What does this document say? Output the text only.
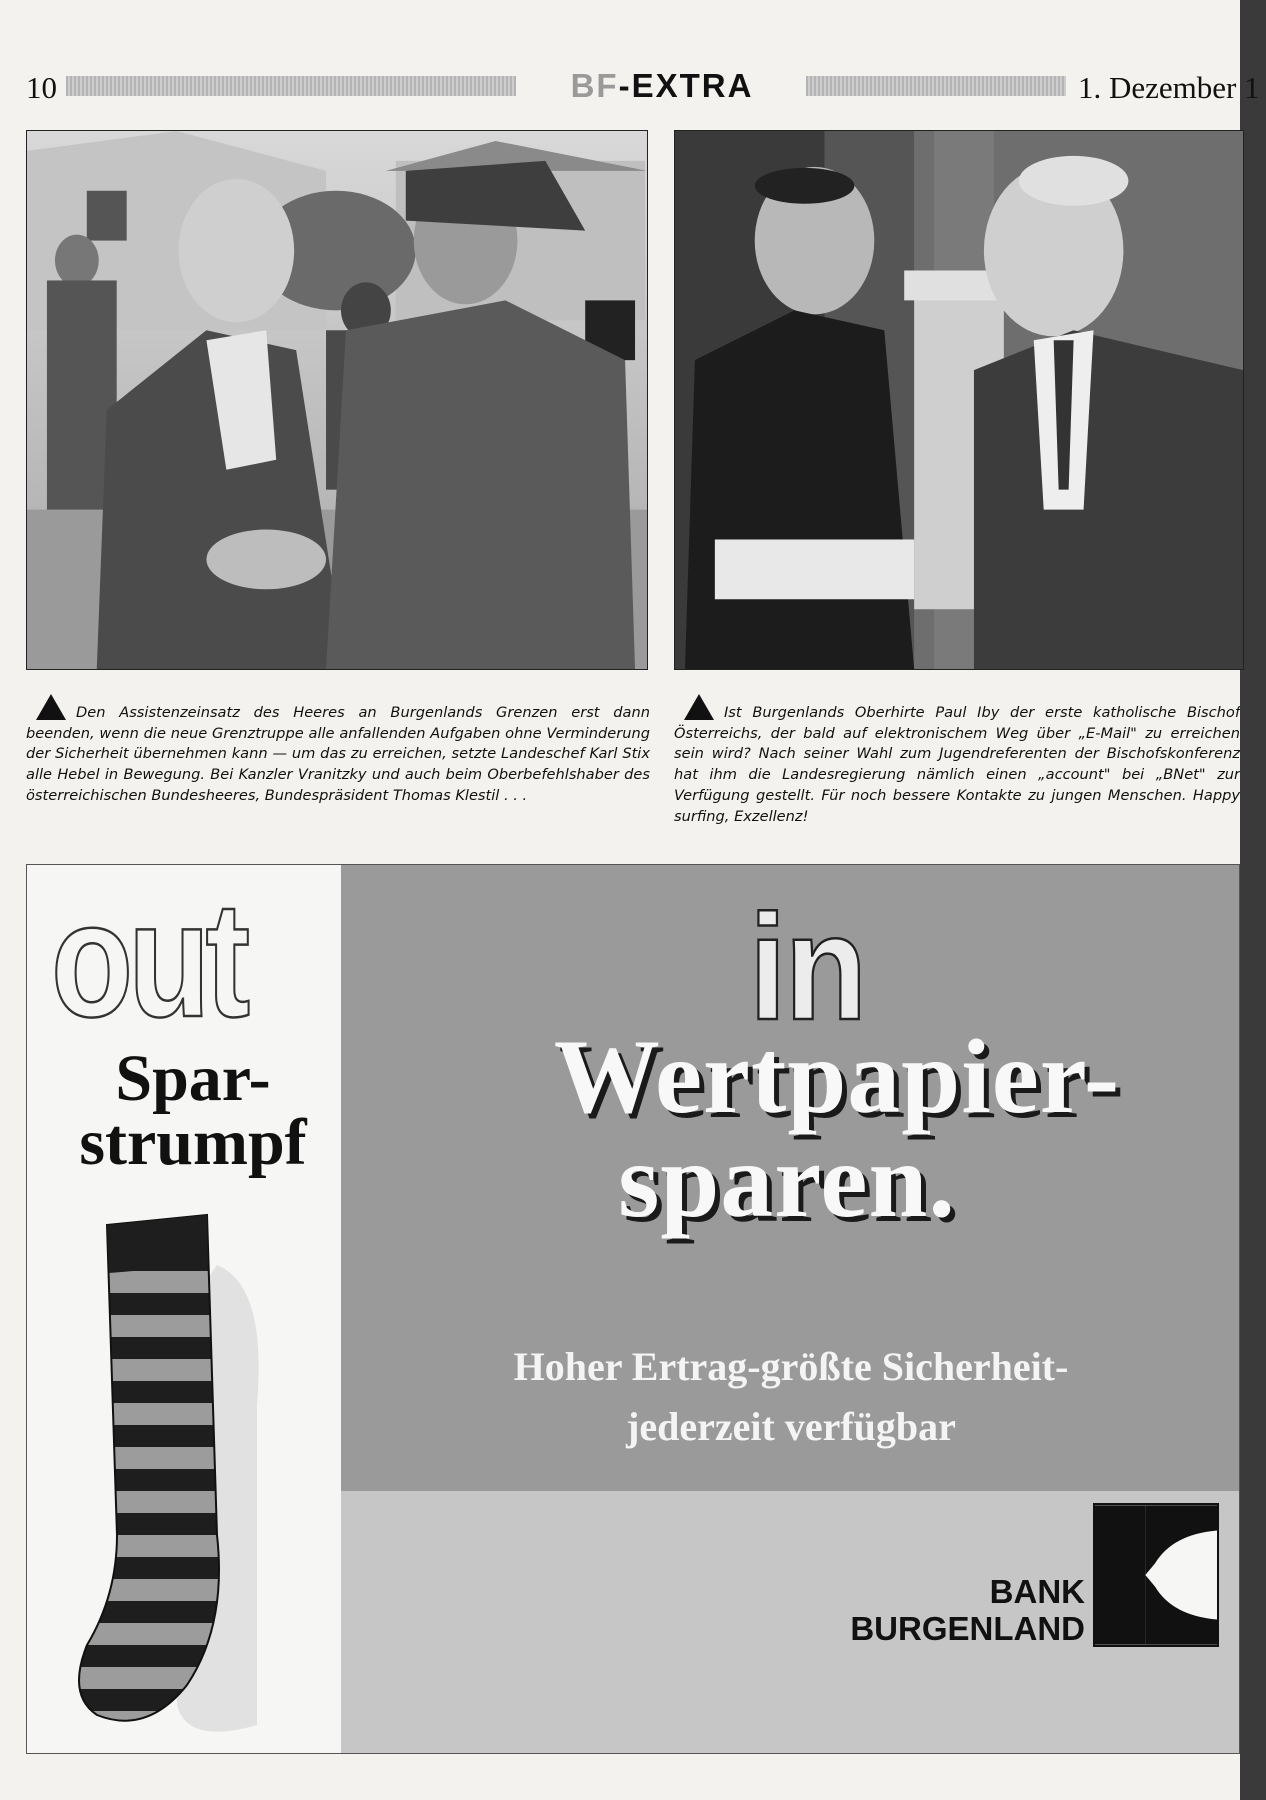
10	BF-EXTRA	1. Dezember 1
Den Assistenzeinsatz des Heeres an Burgenlands Grenzen erst dann beenden, wenn die neue Grenztruppe alle anfallenden Aufgaben ohne Verminderung der Sicherheit übernehmen kann — um das zu erreichen, setzte Landeschef Karl Stix alle Hebel in Bewegung. Bei Kanzler Vranitzky und auch beim Oberbefehlshaber des österreichischen Bundesheeres, Bundespräsident Thomas Klestil . . .
Ist Burgenlands Oberhirte Paul Iby der erste katholische Bischof Österreichs, der bald auf elektronischem Weg über „E-Mail" zu erreichen sein wird? Nach seiner Wahl zum Jugendreferenten der Bischofskonferenz hat ihm die Landesregierung nämlich einen „account" bei „BNet" zur Verfügung gestellt. Für noch bessere Kontakte zu jungen Menschen. Happy surfing, Exzellenz!
out
Spar-
strumpf
in
Wertpapier-
sparen.
Hoher Ertrag-größte Sicherheit-
jederzeit verfügbar
BANK
BURGENLAND
